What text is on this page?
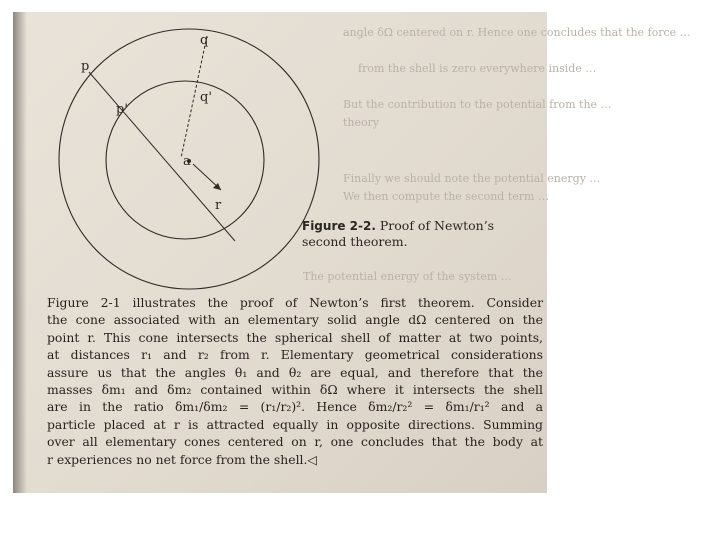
angle δΩ centered on r. Hence one concludes that the force …
from the shell is zero everywhere inside …
But the contribution to the potential from the …
theory
Finally we should note the potential energy …
We then compute the second term …
The potential energy of the system …
p
q
p'
q'
a
r
Figure 2-2. Proof of Newton’s
second theorem.
Figure 2-1 illustrates the proof of Newton’s first theorem. Consider
the cone associated with an elementary solid angle dΩ centered on the
point r. This cone intersects the spherical shell of matter at two points,
at distances r₁ and r₂ from r. Elementary geometrical considerations
assure us that the angles θ₁ and θ₂ are equal, and therefore that the
masses δm₁ and δm₂ contained within δΩ where it intersects the shell
are in the ratio δm₁/δm₂ = (r₁/r₂)². Hence δm₂/r₂² = δm₁/r₁² and a
particle placed at r is attracted equally in opposite directions. Summing
over all elementary cones centered on r, one concludes that the body at
r experiences no net force from the shell.◁
